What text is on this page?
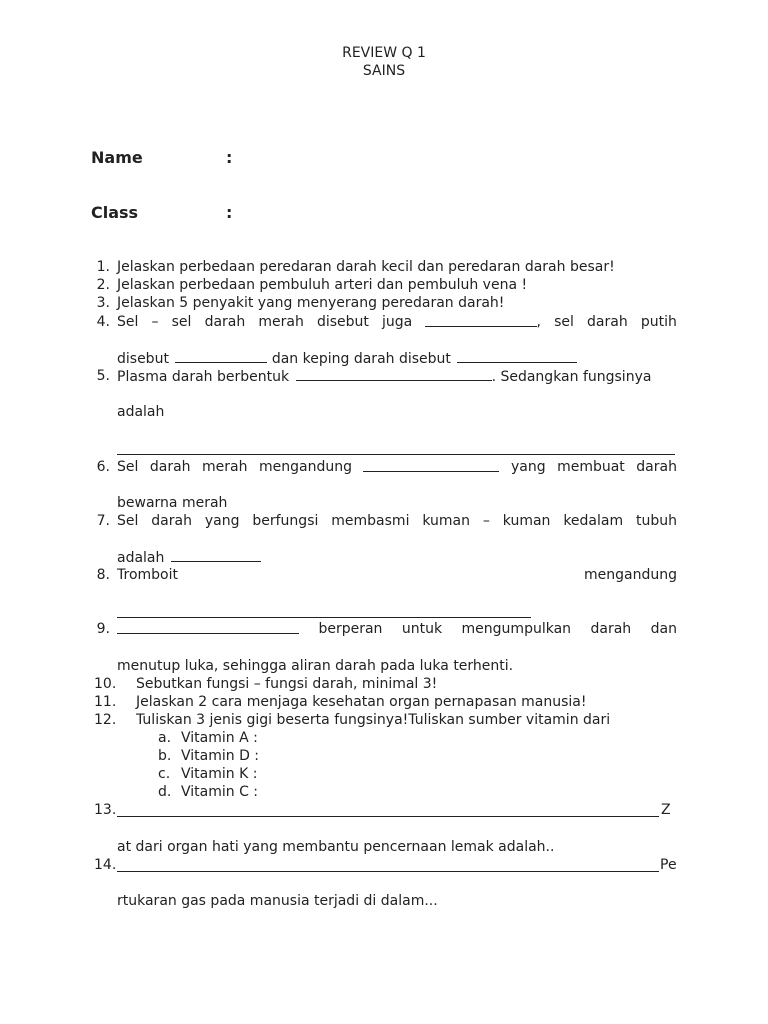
REVIEW Q 1
SAINS
Name	:
Class	:
1. Jelaskan perbedaan peredaran darah kecil dan peredaran darah besar!
2. Jelaskan perbedaan pembuluh arteri dan pembuluh vena !
3. Jelaskan 5 penyakit yang menyerang peredaran darah!
4. Sel – sel darah merah disebut juga	, sel darah putih
disebut	dan keping darah disebut
5. Plasma darah berbentuk	. Sedangkan fungsinya
adalah
6. Sel darah merah mengandung	yang membuat darah
bewarna merah
7. Sel darah yang berfungsi membasmi kuman – kuman kedalam tubuh
adalah
8. Tromboit	mengandung
9.	berperan untuk mengumpulkan darah dan
menutup luka, sehingga aliran darah pada luka terhenti.
10. Sebutkan fungsi – fungsi darah, minimal 3!
11. Jelaskan 2 cara menjaga kesehatan organ pernapasan manusia!
12. Tuliskan 3 jenis gigi beserta fungsinya!Tuliskan sumber vitamin dari
a. Vitamin A :
b. Vitamin D :
c. Vitamin K :
d. Vitamin C :
13.	Z
at dari organ hati yang membantu pencernaan lemak adalah..
14.	Pe
rtukaran gas pada manusia terjadi di dalam...
